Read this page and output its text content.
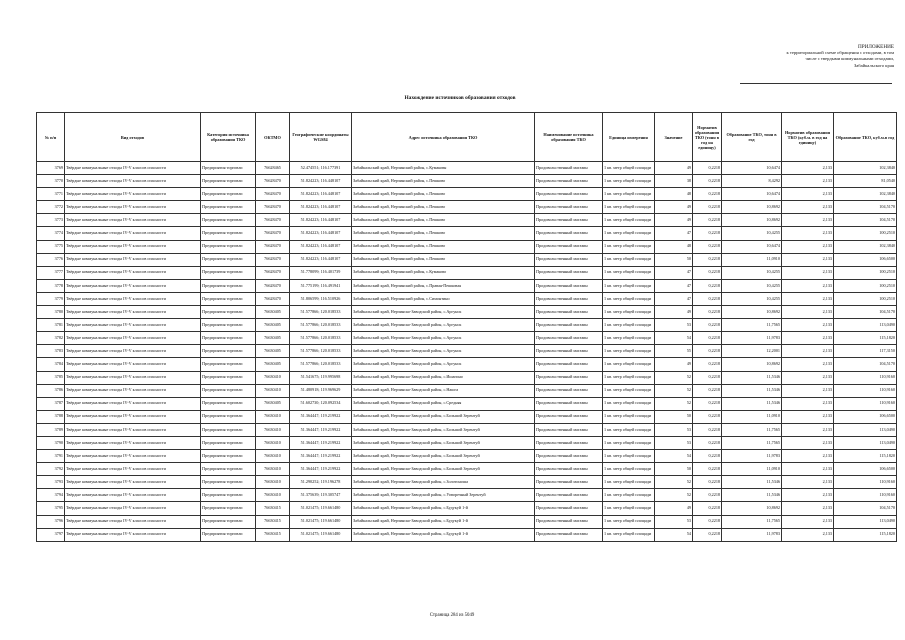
ПРИЛОЖЕНИЕ
к территориальной схеме обращения с отходами, в том
числе с твердыми коммунальными отходами,
Забайкальского края
Нахождение источников образования отходов
№ п/п	Вид отходов	Категория источника образования ТКО	ОКТМО	Географические координаты WGS84	Адрес источника образования ТКО	Наименование источника образования ТКО	Единица измерения	Значение	Норматив образования ТКО (тонн в год на единицу)	Образование ТКО, тонн в год	Норматив образования ТКО (куб.м. в год на единицу)	Образование ТКО, куб.м.в год
3769	Твёрдые коммунальные отходы IV-V классов опасности	Предприятия торговли	76628465	52.474551; 116.177391	Забайкальский край, Нерчинский район, с.Кумаковн	Продовольственный магазин	1 кв. метр общей площади	49	0,2218	10,6474	2,133	102,3840
3770	Твёрдые коммунальные отходы IV-V классов опасности	Предприятия торговли	76628470	51.824223; 116.448107	Забайкальский край, Нерчинский район, с.Пешково	Продовольственный магазин	1 кв. метр общей площади	38	0,2218	8,4292	2,133	81,0540
3771	Твёрдые коммунальные отходы IV-V классов опасности	Предприятия торговли	76628470	51.824223; 116.448107	Забайкальский край, Нерчинский район, с.Пешково	Продовольственный магазин	1 кв. метр общей площади	48	0,2218	10,6474	2,133	102,3840
3772	Твёрдые коммунальные отходы IV-V классов опасности	Предприятия торговли	76628470	51.824223; 116.448107	Забайкальский край, Нерчинский район, с.Пешково	Продовольственный магазин	1 кв. метр общей площади	49	0,2218	10,8692	2,133	104,5170
3773	Твёрдые коммунальные отходы IV-V классов опасности	Предприятия торговли	76628470	51.824223; 116.448107	Забайкальский край, Нерчинский район, с.Пешково	Продовольственный магазин	1 кв. метр общей площади	49	0,2218	10,8692	2,133	104,5170
3774	Твёрдые коммунальные отходы IV-V классов опасности	Предприятия торговли	76628470	51.824223; 116.448107	Забайкальский край, Нерчинский район, с.Пешково	Продовольственный магазин	1 кв. метр общей площади	47	0,2218	10,4255	2,133	100,2510
3775	Твёрдые коммунальные отходы IV-V классов опасности	Предприятия торговли	76628470	51.824223; 116.448107	Забайкальский край, Нерчинский район, с.Пешково	Продовольственный магазин	1 кв. метр общей площади	48	0,2218	10,6474	2,133	102,3840
3776	Твёрдые коммунальные отходы IV-V классов опасности	Предприятия торговли	76628470	51.824223; 116.448107	Забайкальский край, Нерчинский район, с.Пешково	Продовольственный магазин	1 кв. метр общей площади	50	0,2218	11,0910	2,133	106,6500
3777	Твёрдые коммунальные отходы IV-V классов опасности	Предприятия торговли	76628470	51.778099; 116.401739	Забайкальский край, Нерчинский район, с.Кумаково	Продовольственный магазин	1 кв. метр общей площади	47	0,2218	10,4255	2,133	100,2510
3778	Твёрдые коммунальные отходы IV-V классов опасности	Предприятия торговли	76628470	51.775199; 116.491941	Забайкальский край, Нерчинский район, с.Правая-Пешковая	Продовольственный магазин	1 кв. метр общей площади	47	0,2218	10,4255	2,133	100,2510
3779	Твёрдые коммунальные отходы IV-V классов опасности	Предприятия торговли	76628470	51.806599; 116.510926	Забайкальский край, Нерчинский район, с.Симонтино	Продовольственный магазин	1 кв. метр общей площади	47	0,2218	10,4255	2,133	100,2510
3780	Твёрдые коммунальные отходы IV-V классов опасности	Предприятия торговли	76630405	51.577866; 120.018533	Забайкальский край, Нерчинско-Заводский район, с.Аргунск	Продовольственный магазин	1 кв. метр общей площади	49	0,2218	10,8692	2,133	104,5170
3781	Твёрдые коммунальные отходы IV-V классов опасности	Предприятия торговли	76630405	51.577866; 120.018533	Забайкальский край, Нерчинско-Заводский район, с.Аргунск	Продовольственный магазин	1 кв. метр общей площади	53	0,2218	11,7565	2,133	113,0490
3782	Твёрдые коммунальные отходы IV-V классов опасности	Предприятия торговли	76630405	51.577866; 120.018533	Забайкальский край, Нерчинско-Заводский район, с.Аргунск	Продовольственный магазин	1 кв. метр общей площади	54	0,2218	11,9783	2,133	115,1820
3783	Твёрдые коммунальные отходы IV-V классов опасности	Предприятия торговли	76630405	51.577866; 120.018533	Забайкальский край, Нерчинско-Заводский район, с.Аргунск	Продовольственный магазин	1 кв. метр общей площади	55	0,2218	12,2001	2,133	117,3150
3784	Твёрдые коммунальные отходы IV-V классов опасности	Предприятия торговли	76630405	51.577866; 120.018533	Забайкальский край, Нерчинско-Заводский район, с.Аргунск	Продовольственный магазин	1 кв. метр общей площади	49	0,2218	10,8692	2,133	104,5170
3785	Твёрдые коммунальные отходы IV-V классов опасности	Предприятия торговли	76630410	51.541675; 119.995698	Забайкальский край, Нерчинско-Заводский район, с.Ишагино	Продовольственный магазин	1 кв. метр общей площади	52	0,2218	11,5346	2,133	110,9160
3786	Твёрдые коммунальные отходы IV-V классов опасности	Предприятия торговли	76630410	51.480918; 119.969629	Забайкальский край, Нерчинско-Заводский район, с.Нашга	Продовольственный магазин	1 кв. метр общей площади	52	0,2218	11,5346	2,133	110,9160
3787	Твёрдые коммунальные отходы IV-V классов опасности	Предприятия торговли	76630405	51.602730; 120.092534	Забайкальский край, Нерчинско-Заводский район, с.Средняя	Продовольственный магазин	1 кв. метр общей площади	52	0,2218	11,5346	2,133	110,9160
3788	Твёрдые коммунальные отходы IV-V классов опасности	Предприятия торговли	76630410	51.364447; 119.219922	Забайкальский край, Нерчинско-Заводский район, с.Большой Зерентуй	Продовольственный магазин	1 кв. метр общей площади	50	0,2218	11,0910	2,133	106,6500
3789	Твёрдые коммунальные отходы IV-V классов опасности	Предприятия торговли	76630410	51.364447; 119.219922	Забайкальский край, Нерчинско-Заводский район, с.Большой Зерентуй	Продовольственный магазин	1 кв. метр общей площади	53	0,2218	11,7565	2,133	113,0490
3790	Твёрдые коммунальные отходы IV-V классов опасности	Предприятия торговли	76630410	51.364447; 119.219922	Забайкальский край, Нерчинско-Заводский район, с.Большой Зерентуй	Продовольственный магазин	1 кв. метр общей площади	53	0,2218	11,7565	2,133	113,0490
3791	Твёрдые коммунальные отходы IV-V классов опасности	Предприятия торговли	76630410	51.364447; 119.219922	Забайкальский край, Нерчинско-Заводский район, с.Большой Зерентуй	Продовольственный магазин	1 кв. метр общей площади	54	0,2218	11,9783	2,133	115,1820
3792	Твёрдые коммунальные отходы IV-V классов опасности	Предприятия торговли	76630410	51.364447; 119.219922	Забайкальский край, Нерчинско-Заводский район, с.Большой Зерентуй	Продовольственный магазин	1 кв. метр общей площади	50	0,2218	11,0910	2,133	106,6500
3793	Твёрдые коммунальные отходы IV-V классов опасности	Предприятия торговли	76630410	51.290252; 119.196278	Забайкальский край, Нерчинско-Заводский район, с.Золотоноша	Продовольственный магазин	1 кв. метр общей площади	52	0,2218	11,5346	2,133	110,9160
3794	Твёрдые коммунальные отходы IV-V классов опасности	Предприятия торговли	76630410	51.375639; 119.305747	Забайкальский край, Нерчинско-Заводский район, с.Уоворечный Зерентуй	Продовольственный магазин	1 кв. метр общей площади	52	0,2218	11,5346	2,133	110,9160
3795	Твёрдые коммунальные отходы IV-V классов опасности	Предприятия торговли	76630415	51.021475; 119.661480	Забайкальский край, Нерчинско-Заводский район, с.Будукуй 1-й	Продовольственный магазин	1 кв. метр общей площади	49	0,2218	10,8692	2,133	104,5170
3796	Твёрдые коммунальные отходы IV-V классов опасности	Предприятия торговли	76630415	51.021475; 119.661480	Забайкальский край, Нерчинско-Заводский район, с.Будукуй 1-й	Продовольственный магазин	1 кв. метр общей площади	53	0,2218	11,7565	2,133	113,0490
3797	Твёрдые коммунальные отходы IV-V классов опасности	Предприятия торговли	76630415	51.021475; 119.661480	Забайкальский край, Нерчинско-Заводский район, с.Будукуй 1-й	Продовольственный магазин	1 кв. метр общей площади	54	0,2218	11,9783	2,133	115,1820
Страница 284 из 5049
